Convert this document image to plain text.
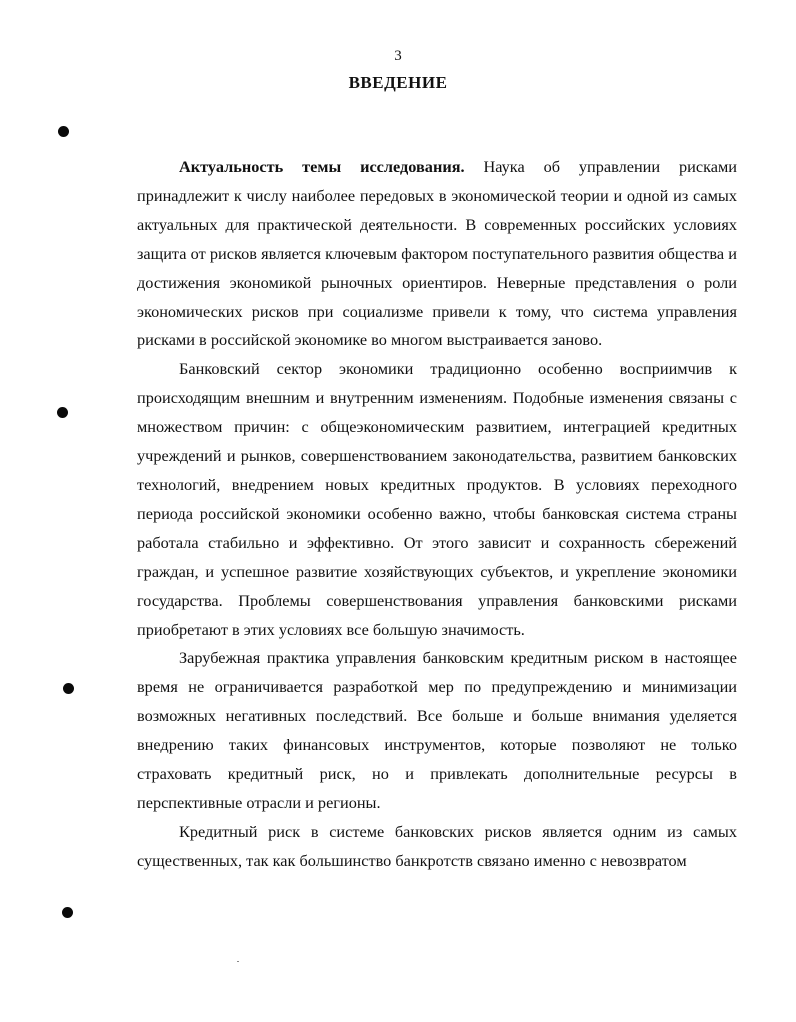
3
ВВЕДЕНИЕ

Актуальность темы исследования. Наука об управлении рисками принадлежит к числу наиболее передовых в экономической теории и одной из самых актуальных для практической деятельности. В современных российских условиях защита от рисков является ключевым фактором поступательного развития общества и достижения экономикой рыночных ориентиров. Неверные представления о роли экономических рисков при социализме привели к тому, что система управления рисками в российской экономике во многом выстраивается заново.

Банковский сектор экономики традиционно особенно восприимчив к происходящим внешним и внутренним изменениям. Подобные изменения связаны с множеством причин: с общеэкономическим развитием, интеграцией кредитных учреждений и рынков, совершенствованием законодательства, развитием банковских технологий, внедрением новых кредитных продуктов. В условиях переходного периода российской экономики особенно важно, чтобы банковская система страны работала стабильно и эффективно. От этого зависит и сохранность сбережений граждан, и успешное развитие хозяйствующих субъектов, и укрепление экономики государства. Проблемы совершенствования управления банковскими рисками приобретают в этих условиях все большую значимость.

Зарубежная практика управления банковским кредитным риском в настоящее время не ограничивается разработкой мер по предупреждению и минимизации возможных негативных последствий. Все больше и больше внимания уделяется внедрению таких финансовых инструментов, которые позволяют не только страховать кредитный риск, но и привлекать дополнительные ресурсы в перспективные отрасли и регионы.

Кредитный риск в системе банковских рисков является одним из самых существенных, так как большинство банкротств связано именно с невозвратом
